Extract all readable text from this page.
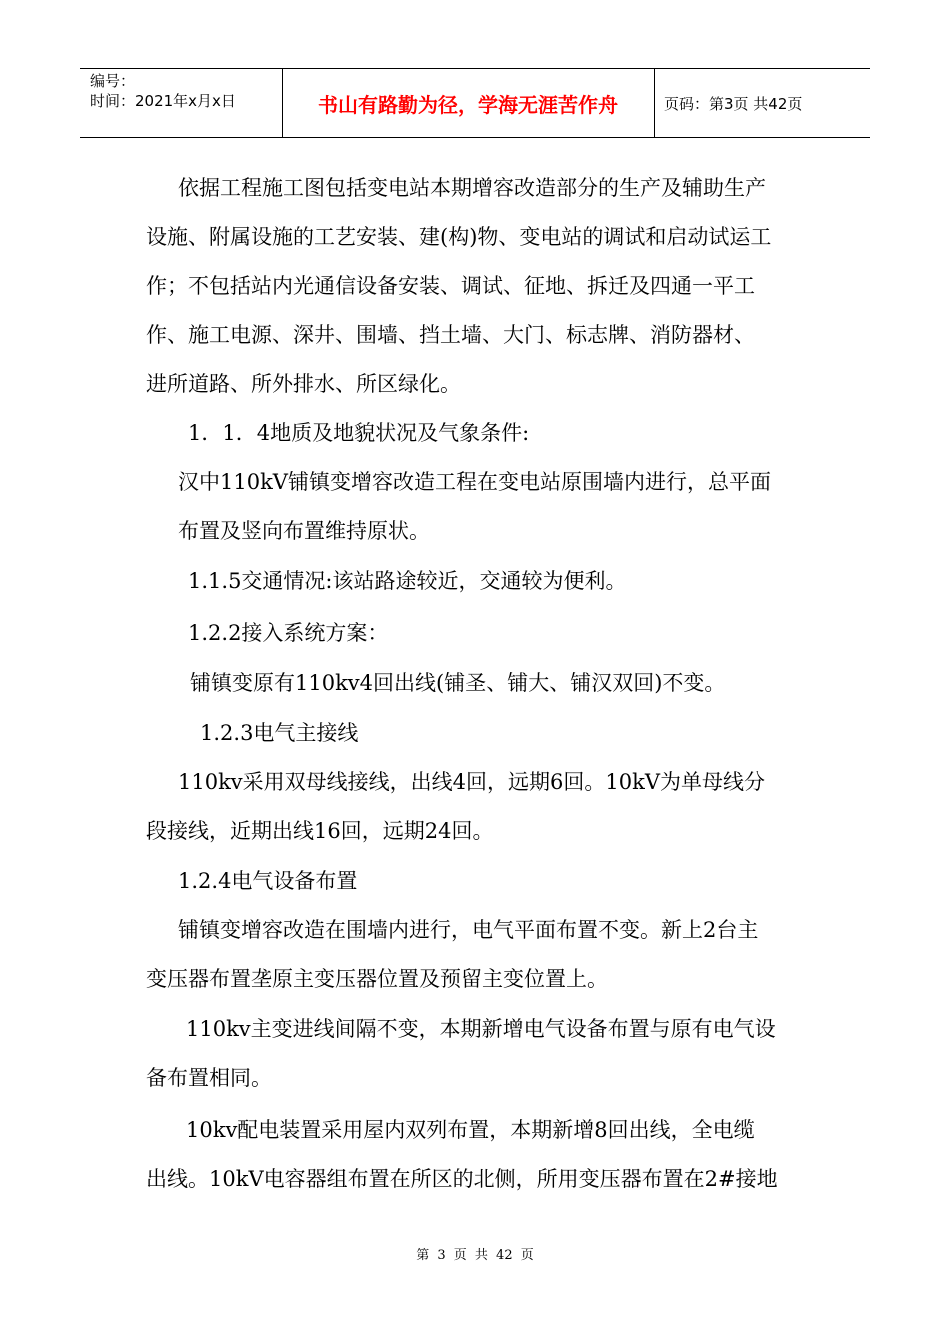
编号：
时间：2021年x月x日	书山有路勤为径，学海无涯苦作舟	页码：第3页 共42页
依据工程施工图包括变电站本期增容改造部分的生产及辅助生产
设施、附属设施的工艺安装、建(构)物、变电站的调试和启动试运工
作；不包括站内光通信设备安装、调试、征地、拆迁及四通一平工
作、施工电源、深井、围墙、挡土墙、大门、标志牌、消防器材、
进所道路、所外排水、所区绿化。
1．1．4地质及地貌状况及气象条件:
汉中110kV铺镇变增容改造工程在变电站原围墙内进行，总平面
布置及竖向布置维持原状。
1.1.5交通情况:该站路途较近，交通较为便利。
1.2.2接入系统方案：
铺镇变原有110kv4回出线(铺圣、铺大、铺汉双回)不变。
1.2.3电气主接线
110kv采用双母线接线，出线4回，远期6回。10kV为单母线分
段接线，近期出线16回，远期24回。
1.2.4电气设备布置
铺镇变增容改造在围墙内进行，电气平面布置不变。新上2台主
变压器布置垄原主变压器位置及预留主变位置上。
110kv主变进线间隔不变，本期新增电气设备布置与原有电气设
备布置相同。
10kv配电装置采用屋内双列布置，本期新增8回出线，全电缆
出线。10kV电容器组布置在所区的北侧，所用变压器布置在2#接地
第 3 页 共 42 页
